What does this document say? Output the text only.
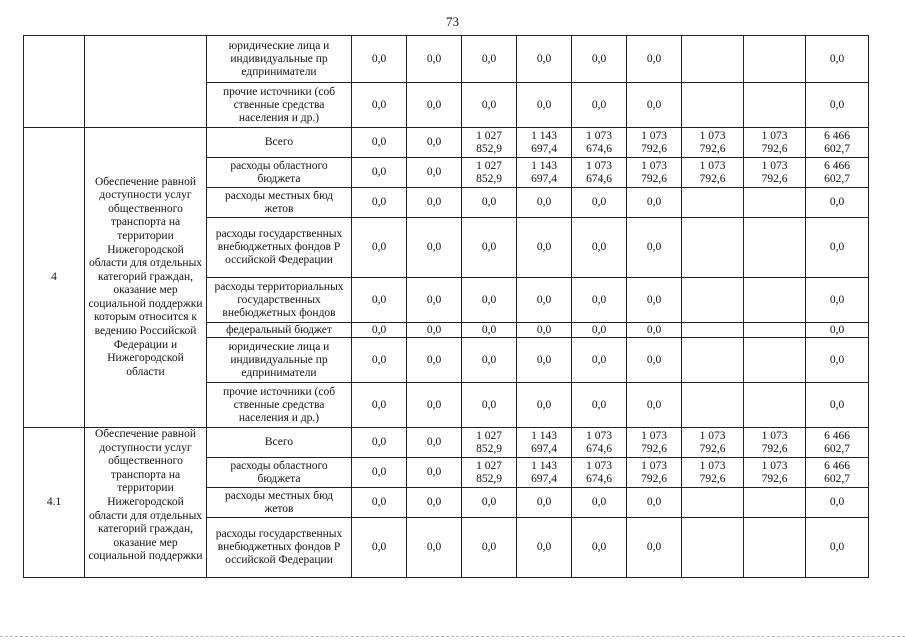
73

		юридические лица и
индивидуальные пр
едприниматели	0,0	0,0	0,0	0,0	0,0	0,0			0,0

		прочие источники (соб
ственные средства
населения и др.)	0,0	0,0	0,0	0,0	0,0	0,0			0,0

4	Обеспечение равной доступности услуг общественного транспорта на территории Нижегородской области для отдельных категорий граждан, оказание мер социальной поддержки которым относится к ведению Российской Федерации и Нижегородской области	Всего	0,0	0,0	1 027
852,9	1 143
697,4	1 073
674,6	1 073
792,6	1 073
792,6	1 073
792,6	6 466
602,7

		расходы областного
бюджета	0,0	0,0	1 027
852,9	1 143
697,4	1 073
674,6	1 073
792,6	1 073
792,6	1 073
792,6	6 466
602,7

		расходы местных бюд
жетов	0,0	0,0	0,0	0,0	0,0	0,0			0,0

		расходы государственных
внебюджетных фондов Р
оссийской Федерации	0,0	0,0	0,0	0,0	0,0	0,0			0,0

		расходы территориальных
государственных
внебюджетных фондов	0,0	0,0	0,0	0,0	0,0	0,0			0,0

		федеральный бюджет	0,0	0,0	0,0	0,0	0,0	0,0			0,0

		юридические лица и
индивидуальные пр
едприниматели	0,0	0,0	0,0	0,0	0,0	0,0			0,0

		прочие источники (соб
ственные средства
населения и др.)	0,0	0,0	0,0	0,0	0,0	0,0			0,0

4.1	Обеспечение равной доступности услуг общественного транспорта на территории Нижегородской области для отдельных категорий граждан, оказание мер социальной поддержки	Всего	0,0	0,0	1 027
852,9	1 143
697,4	1 073
674,6	1 073
792,6	1 073
792,6	1 073
792,6	6 466
602,7

		расходы областного
бюджета	0,0	0,0	1 027
852,9	1 143
697,4	1 073
674,6	1 073
792,6	1 073
792,6	1 073
792,6	6 466
602,7

		расходы местных бюд
жетов	0,0	0,0	0,0	0,0	0,0	0,0			0,0

		расходы государственных
внебюджетных фондов Р
оссийской Федерации	0,0	0,0	0,0	0,0	0,0	0,0			0,0
